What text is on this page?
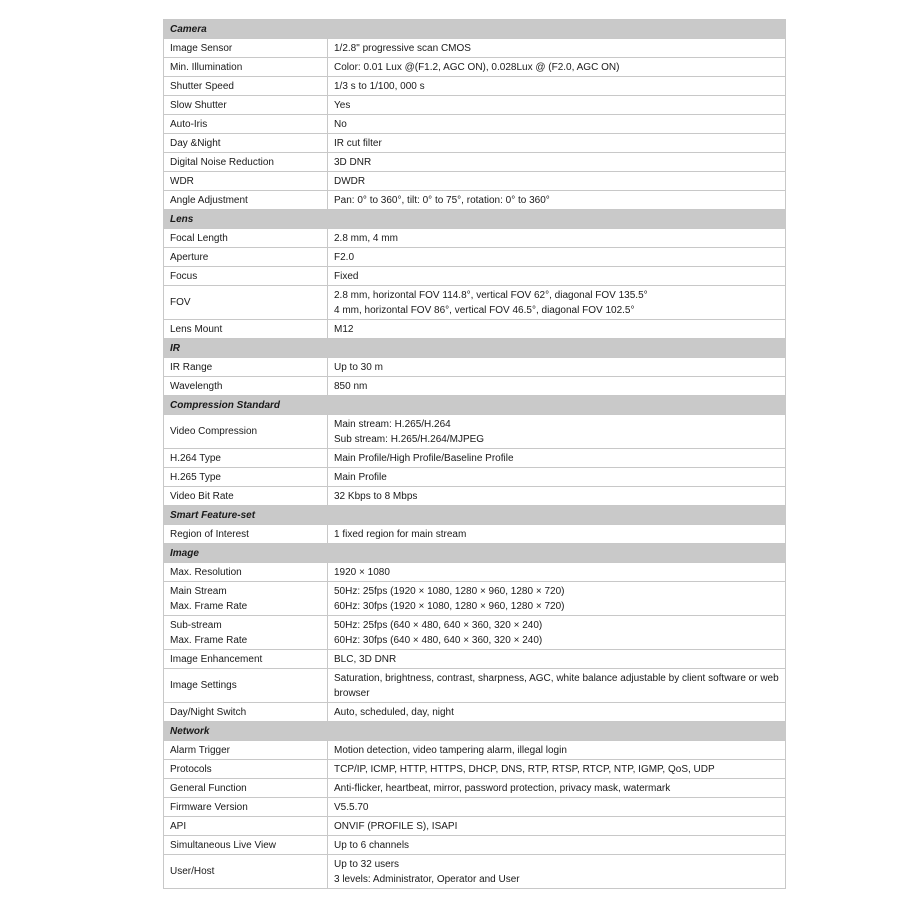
Camera	
Image Sensor	1/2.8" progressive scan CMOS
Min. Illumination	Color: 0.01 Lux @(F1.2, AGC ON), 0.028Lux @ (F2.0, AGC ON)
Shutter Speed	1/3 s to 1/100, 000 s
Slow Shutter	Yes
Auto-Iris	No
Day &Night	IR cut filter
Digital Noise Reduction	3D DNR
WDR	DWDR
Angle Adjustment	Pan: 0° to 360°, tilt: 0° to 75°, rotation: 0° to 360°
Lens	
Focal Length	2.8 mm, 4 mm
Aperture	F2.0
Focus	Fixed
FOV	2.8 mm, horizontal FOV 114.8°, vertical FOV 62°, diagonal FOV 135.5°
4 mm, horizontal FOV 86°, vertical FOV 46.5°, diagonal FOV 102.5°

Lens Mount	M12
IR	
IR Range	Up to 30 m
Wavelength	850 nm
Compression Standard	
Video Compression	Main stream: H.265/H.264
Sub stream: H.265/H.264/MJPEG

H.264 Type	Main Profile/High Profile/Baseline Profile
H.265 Type	Main Profile
Video Bit Rate	32 Kbps to 8 Mbps
Smart Feature-set	
Region of Interest	1 fixed region for main stream
Image	
Max. Resolution	1920 × 1080

Main Stream
Max. Frame Rate	50Hz: 25fps (1920 × 1080, 1280 × 960, 1280 × 720)
60Hz: 30fps (1920 × 1080, 1280 × 960, 1280 × 720)

Sub-stream
Max. Frame Rate	50Hz: 25fps (640 × 480, 640 × 360, 320 × 240)
60Hz: 30fps (640 × 480, 640 × 360, 320 × 240)

Image Enhancement	BLC, 3D DNR
Image Settings	Saturation, brightness, contrast, sharpness, AGC, white balance adjustable by client software or web browser
Day/Night Switch	Auto, scheduled, day, night
Network	
Alarm Trigger	Motion detection, video tampering alarm, illegal login
Protocols	TCP/IP, ICMP, HTTP, HTTPS, DHCP, DNS, RTP, RTSP, RTCP, NTP, IGMP, QoS, UDP
General Function	Anti-flicker, heartbeat, mirror, password protection, privacy mask, watermark
Firmware Version	V5.5.70
API	ONVIF (PROFILE S), ISAPI
Simultaneous Live View	Up to 6 channels
User/Host	Up to 32 users
3 levels: Administrator, Operator and User
